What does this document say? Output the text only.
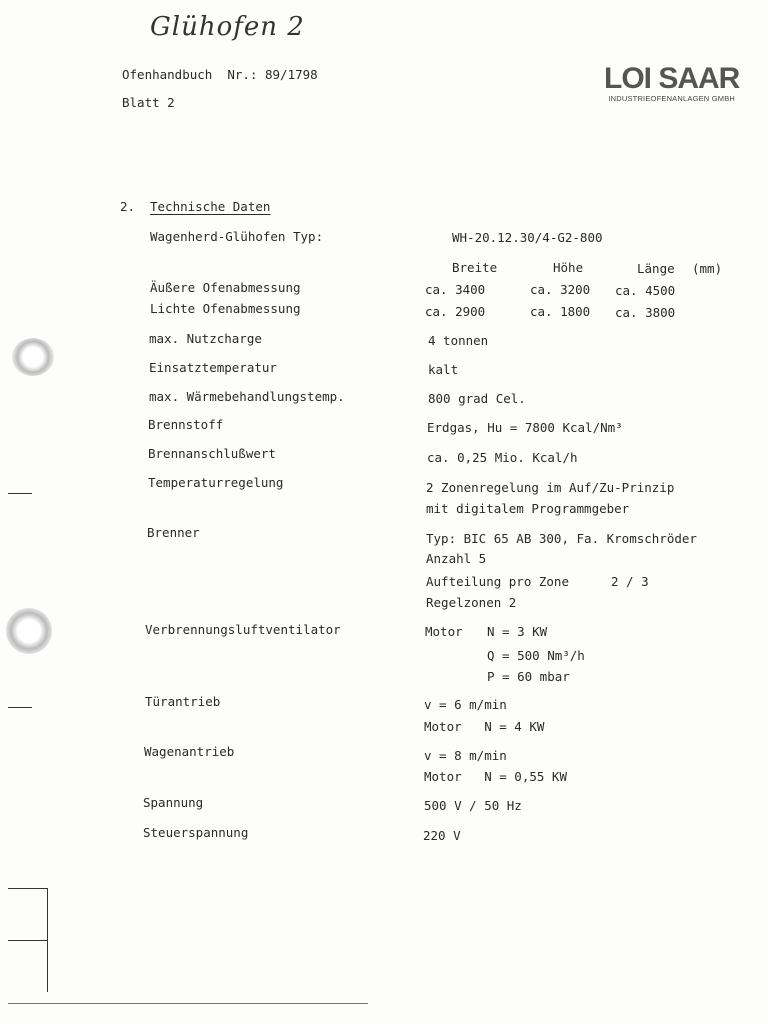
Glühofen 2
Ofenhandbuch  Nr.: 89/1798
Blatt 2
LOI SAAR
INDUSTRIEOFENANLAGEN GMBH
2. Technische Daten
Wagenherd-Glühofen Typ:	WH-20.12.30/4-G2-800
Breite	Höhe	Länge (mm)
Äußere Ofenabmessung	ca. 3400	ca. 3200 ca. 4500
Lichte Ofenabmessung	ca. 2900	ca. 1800 ca. 3800
max. Nutzcharge	4 tonnen
Einsatztemperatur	kalt
max. Wärmebehandlungstemp.	800 grad Cel.
Brennstoff	Erdgas, Hu = 7800 Kcal/Nm³
Brennanschlußwert	ca. 0,25 Mio. Kcal/h
Temperaturregelung	2 Zonenregelung im Auf/Zu-Prinzip
mit digitalem Programmgeber
Brenner	Typ: BIC 65 AB 300, Fa. Kromschröder
Anzahl 5
Aufteilung pro Zone	2 / 3
Regelzonen 2
Verbrennungsluftventilator	Motor N = 3 KW
Q = 500 Nm³/h
P = 60 mbar
Türantrieb	v = 6 m/min
Motor   N = 4 KW
Wagenantrieb	v = 8 m/min
Motor   N = 0,55 KW
Spannung	500 V / 50 Hz
Steuerspannung	220 V
